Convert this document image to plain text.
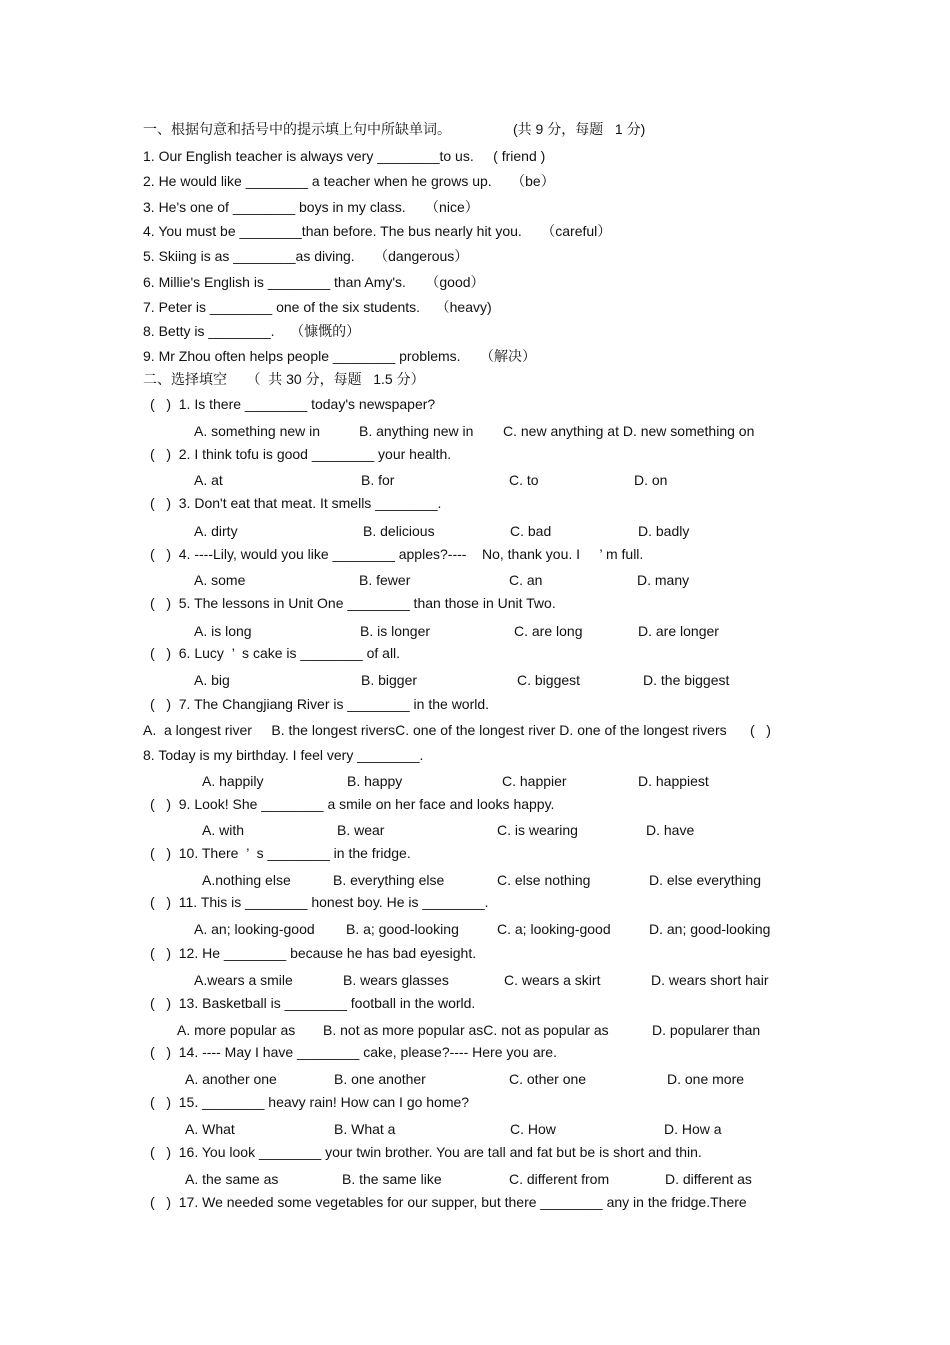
一、根据句意和括号中的提示填上句中所缺单词。	(共 9 分，每题   1 分)
1. Our English teacher is always very ________to us.     ( friend )
2. He would like ________ a teacher when he grows up.     （be）
3. He's one of ________ boys in my class.     （nice）
4. You must be ________than before. The bus nearly hit you.     （careful）
5. Skiing is as ________as diving.     （dangerous）
6. Millie's English is ________ than Amy's.     （good）
7. Peter is ________ one of the six students.    （heavy)
8. Betty is ________.    （慷慨的）
9. Mr Zhou often helps people ________ problems.     （解决）
二、选择填空     （  共 30 分，每题   1.5 分）
(   )  1. Is there ________ today's newspaper?
A. something new in	B. anything new in C. new anything at D. new something on
(   )  2. I think tofu is good ________ your health.
A. at	B. for	C. to	D. on
(   )  3. Don't eat that meat. It smells ________.
A. dirty	B. delicious	C. bad	D. badly
(   )  4. ----Lily, would you like ________ apples?----    No, thank you. I     ’ m full.
A. some	B. fewer	C. an	D. many
(   )  5. The lessons in Unit One ________ than those in Unit Two.
A. is long	B. is longer	C. are long	D. are longer
(   )  6. Lucy  ’  s cake is ________ of all.
A. big	B. bigger	C. biggest	D. the biggest
(   )  7. The Changjiang River is ________ in the world.
A.  a longest river     B. the longest riversC. one of the longest river D. one of the longest rivers      (   )
8. Today is my birthday. I feel very ________.
A. happily	B. happy	C. happier	D. happiest
(   )  9. Look! She ________ a smile on her face and looks happy.
A. with	B. wear	C. is wearing	D. have
(   )  10. There  ’  s ________ in the fridge.
A.nothing else	B. everything else	C. else nothing	D. else everything
(   )  11. This is ________ honest boy. He is ________.
A. an; looking-good B. a; good-looking	C. a; looking-good	D. an; good-looking
(   )  12. He ________ because he has bad eyesight.
A.wears a smile	B. wears glasses	C. wears a skirt	D. wears short hair
(   )  13. Basketball is ________ football in the world.
A. more popular as B. not as more popular asC. not as popular as	D. popularer than
(   )  14. ---- May I have ________ cake, please?---- Here you are.
A. another one	B. one another	C. other one	D. one more
(   )  15. ________ heavy rain! How can I go home?
A. What	B. What a	C. How	D. How a
(   )  16. You look ________ your twin brother. You are tall and fat but be is short and thin.
A. the same as	B. the same like	C. different from	D. different as
(   )  17. We needed some vegetables for our supper, but there ________ any in the fridge.There
